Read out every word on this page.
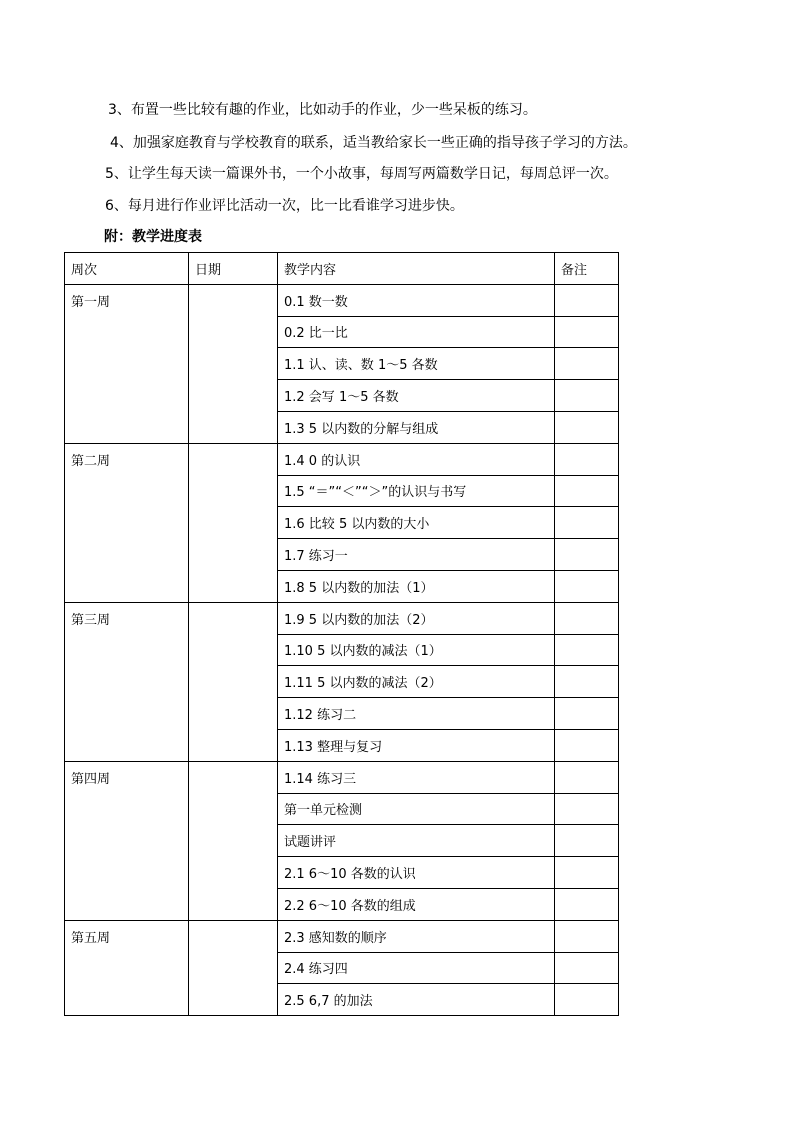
3、布置一些比较有趣的作业，比如动手的作业，少一些呆板的练习。
4、加强家庭教育与学校教育的联系，适当教给家长一些正确的指导孩子学习的方法。
5、让学生每天读一篇课外书，一个小故事，每周写两篇数学日记，每周总评一次。
6、每月进行作业评比活动一次，比一比看谁学习进步快。
附：教学进度表
周次	日期	教学内容	备注
第一周		0.1 数一数	
		0.2 比一比	
		1.1 认、读、数 1～5 各数	
		1.2 会写 1～5 各数	
		1.3 5 以内数的分解与组成	
第二周		1.4 0 的认识	
		1.5 “＝”“＜”“＞”的认识与书写	
		1.6 比较 5 以内数的大小	
		1.7 练习一	
		1.8 5 以内数的加法（1）	
第三周		1.9 5 以内数的加法（2）	
		1.10 5 以内数的减法（1）	
		1.11 5 以内数的减法（2）	
		1.12 练习二	
		1.13 整理与复习	
第四周		1.14 练习三	
		第一单元检测	
		试题讲评	
		2.1 6～10 各数的认识	
		2.2 6～10 各数的组成	
第五周		2.3 感知数的顺序	
		2.4 练习四	
		2.5 6,7 的加法	
